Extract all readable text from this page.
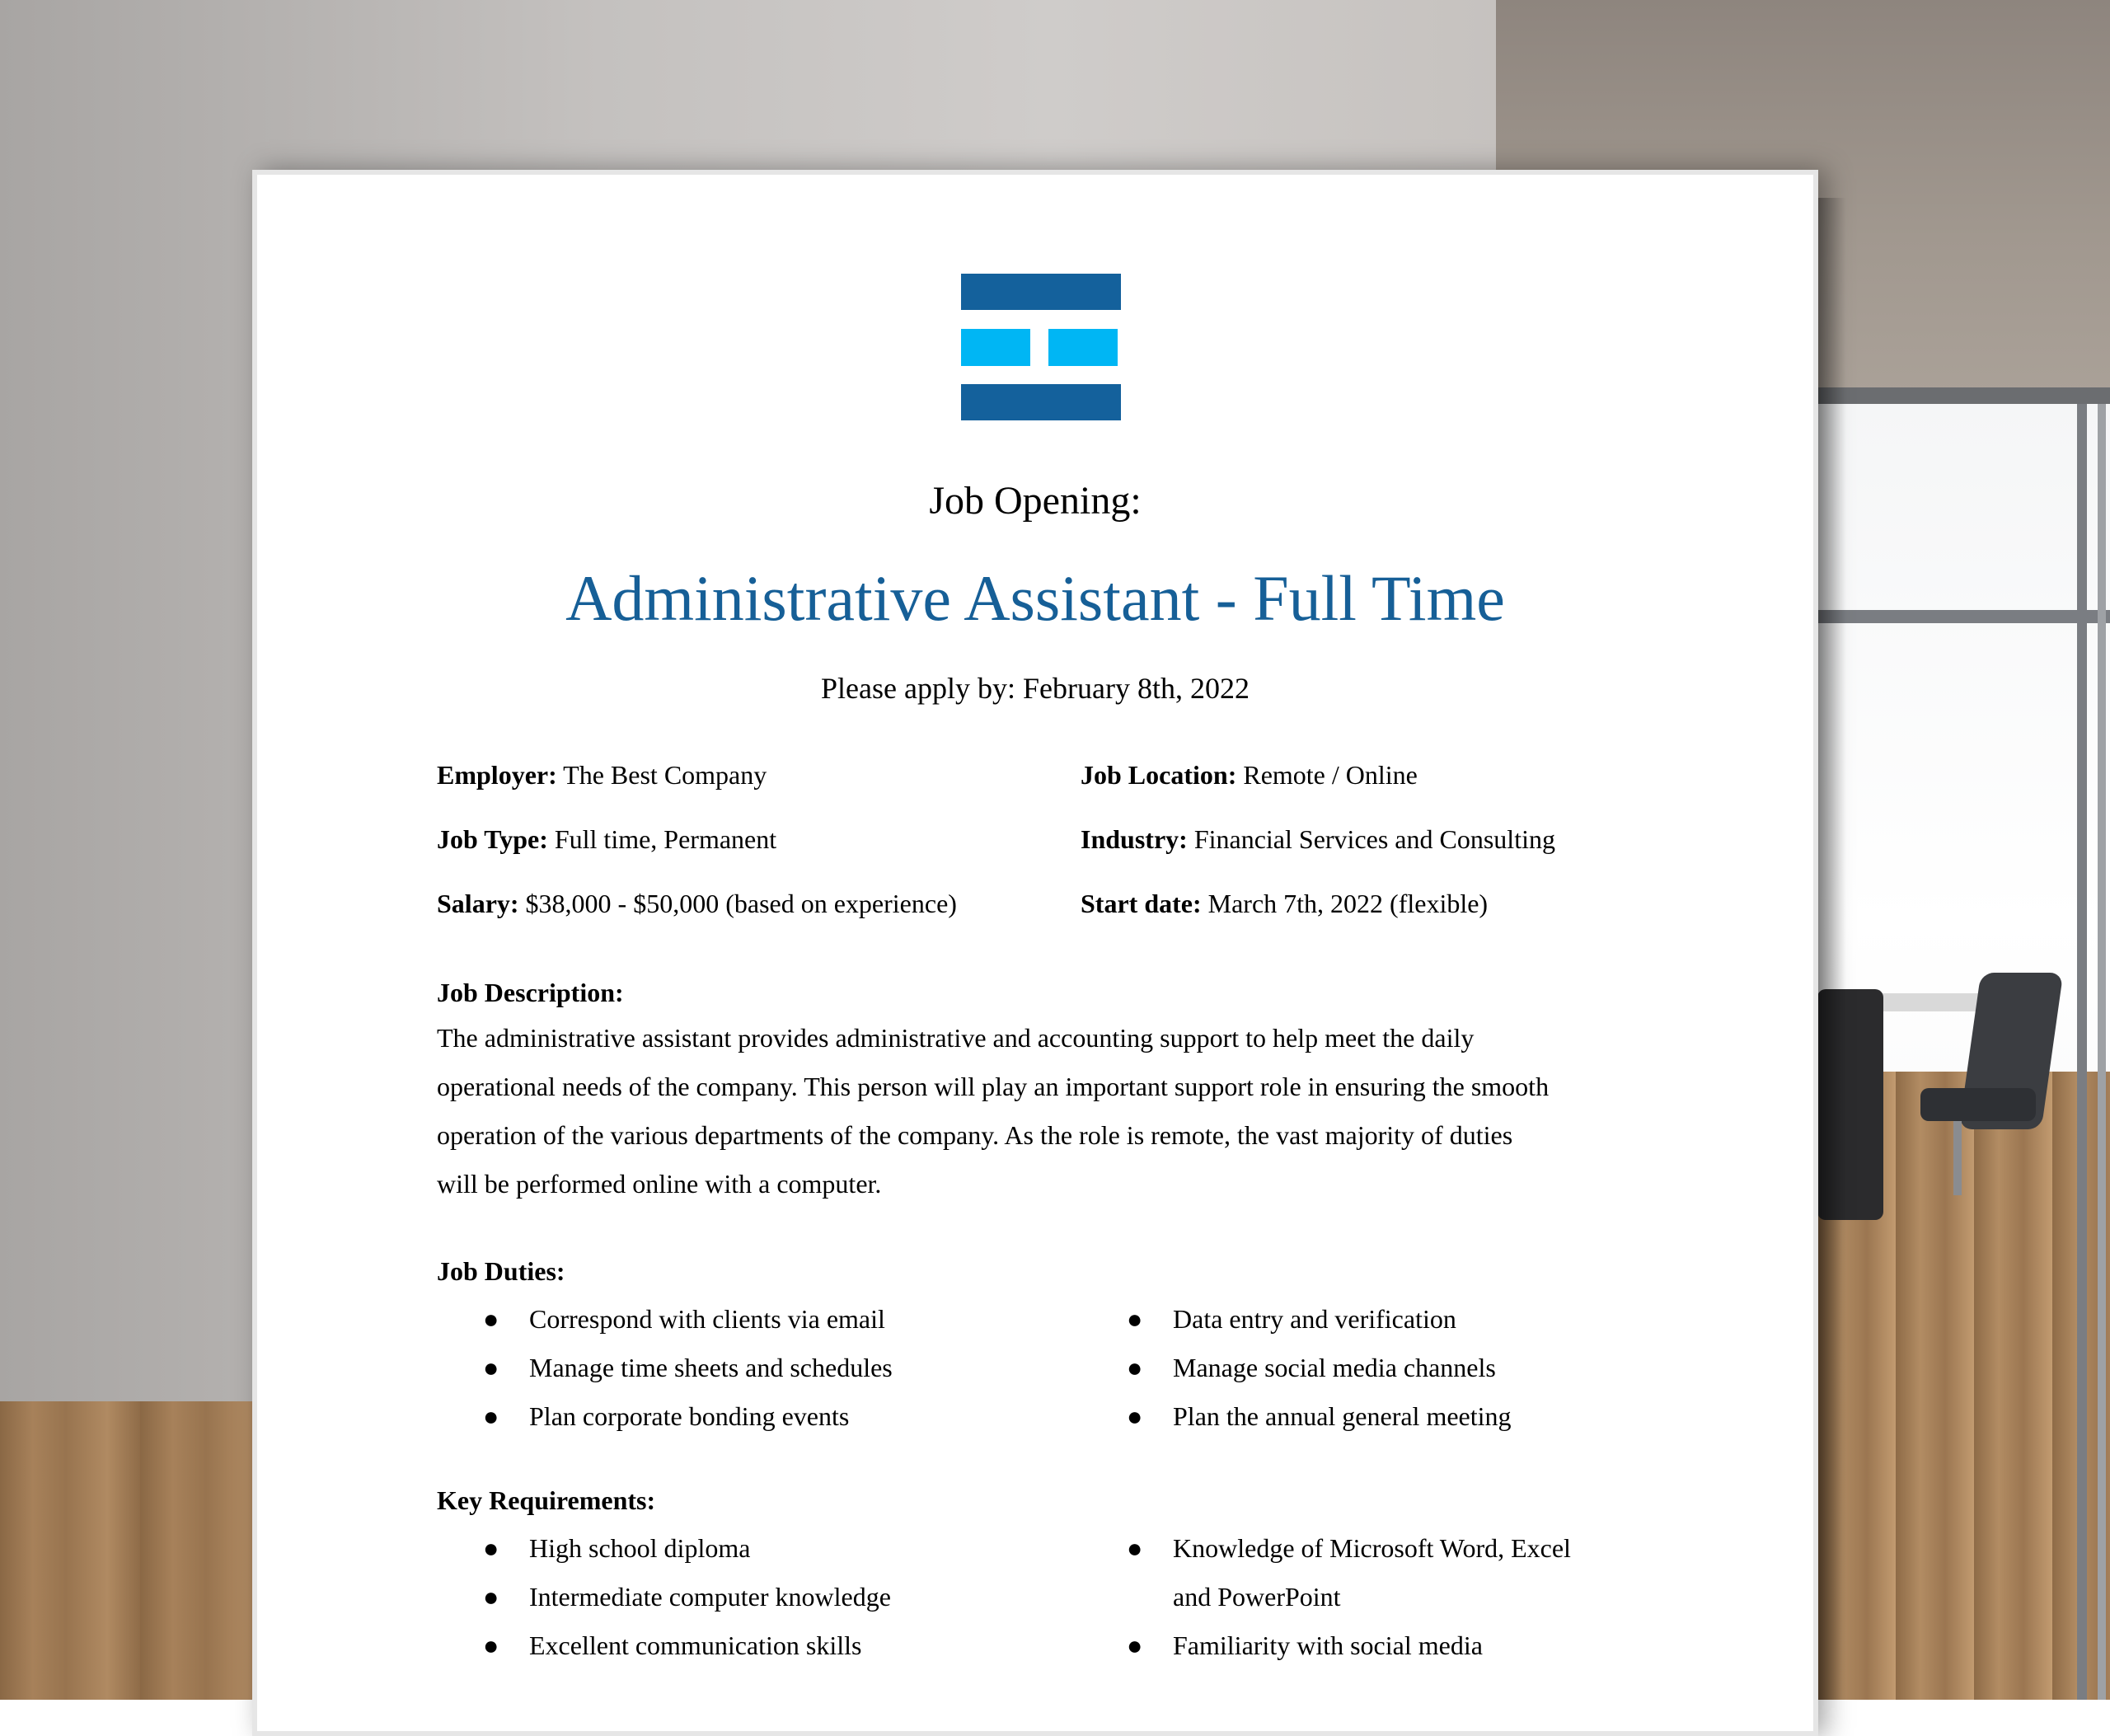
Job Opening:
Administrative Assistant - Full Time
Please apply by: February 8th, 2022
Employer: The Best Company
Job Type: Full time, Permanent
Salary: $38,000 - $50,000 (based on experience)
Job Location: Remote / Online
Industry: Financial Services and Consulting
Start date: March 7th, 2022 (flexible)
Job Description:
The administrative assistant provides administrative and accounting support to help meet the daily
operational needs of the company. This person will play an important support role in ensuring the smooth
operation of the various departments of the company. As the role is remote, the vast majority of duties
will be performed online with a computer.
Job Duties:
●	Correspond with clients via email
●	Manage time sheets and schedules
●	Plan corporate bonding events
●	Data entry and verification
●	Manage social media channels
●	Plan the annual general meeting
Key Requirements:
●	High school diploma
●	Intermediate computer knowledge
●	Excellent communication skills
●	Knowledge of Microsoft Word, Excel
and PowerPoint
●	Familiarity with social media
